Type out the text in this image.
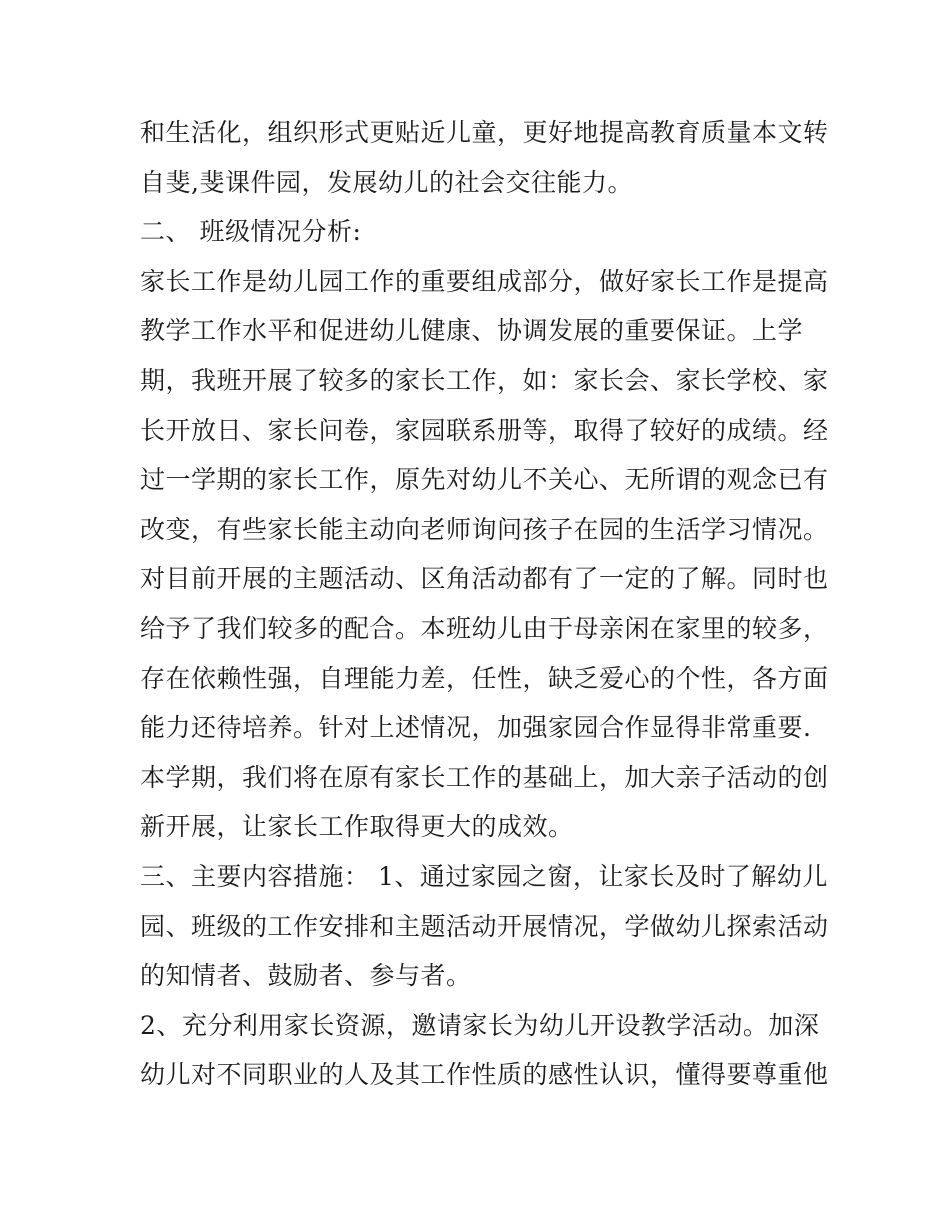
和生活化，组织形式更贴近儿童，更好地提高教育质量本文转
自斐,斐课件园，发展幼儿的社会交往能力。
二、 班级情况分析:
家长工作是幼儿园工作的重要组成部分，做好家长工作是提高
教学工作水平和促进幼儿健康、协调发展的重要保证。上学
期，我班开展了较多的家长工作，如：家长会、家长学校、家
长开放日、家长问卷，家园联系册等，取得了较好的成绩。经
过一学期的家长工作，原先对幼儿不关心、无所谓的观念已有
改变，有些家长能主动向老师询问孩子在园的生活学习情况。
对目前开展的主题活动、区角活动都有了一定的了解。同时也
给予了我们较多的配合。本班幼儿由于母亲闲在家里的较多，
存在依赖性强，自理能力差，任性，缺乏爱心的个性，各方面
能力还待培养。针对上述情况，加强家园合作显得非常重要.
本学期，我们将在原有家长工作的基础上，加大亲子活动的创
新开展，让家长工作取得更大的成效。
三、主要内容措施： 1、通过家园之窗，让家长及时了解幼儿
园、班级的工作安排和主题活动开展情况，学做幼儿探索活动
的知情者、鼓励者、参与者。
2、充分利用家长资源，邀请家长为幼儿开设教学活动。加深
幼儿对不同职业的人及其工作性质的感性认识，懂得要尊重他
